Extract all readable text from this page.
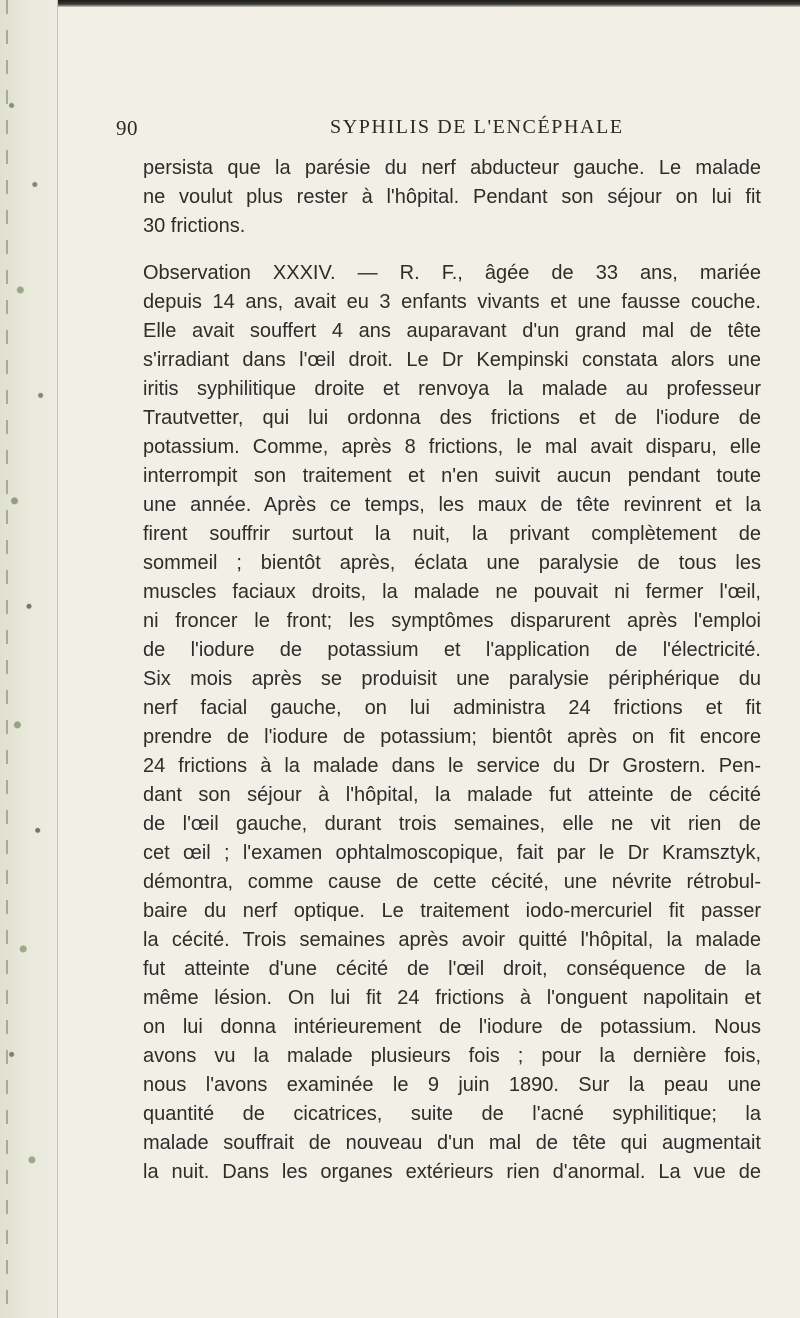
90	SYPHILIS DE L'ENCÉPHALE
persista que la parésie du nerf abducteur gauche. Le malade
ne voulut plus rester à l'hôpital. Pendant son séjour on lui fit
30 frictions.
Observation XXXIV. — R. F., âgée de 33 ans, mariée
depuis 14 ans, avait eu 3 enfants vivants et une fausse couche.
Elle avait souffert 4 ans auparavant d'un grand mal de tête
s'irradiant dans l'œil droit. Le Dr Kempinski constata alors une
iritis syphilitique droite et renvoya la malade au professeur
Trautvetter, qui lui ordonna des frictions et de l'iodure de
potassium. Comme, après 8 frictions, le mal avait disparu, elle
interrompit son traitement et n'en suivit aucun pendant toute
une année. Après ce temps, les maux de tête revinrent et la
firent souffrir surtout la nuit, la privant complètement de
sommeil ; bientôt après, éclata une paralysie de tous les
muscles faciaux droits, la malade ne pouvait ni fermer l'œil,
ni froncer le front; les symptômes disparurent après l'emploi
de l'iodure de potassium et l'application de l'électricité.
Six mois après se produisit une paralysie périphérique du
nerf facial gauche, on lui administra 24 frictions et fit
prendre de l'iodure de potassium; bientôt après on fit encore
24 frictions à la malade dans le service du Dr Grostern. Pen-
dant son séjour à l'hôpital, la malade fut atteinte de cécité
de l'œil gauche, durant trois semaines, elle ne vit rien de
cet œil ; l'examen ophtalmoscopique, fait par le Dr Kramsztyk,
démontra, comme cause de cette cécité, une névrite rétrobul-
baire du nerf optique. Le traitement iodo-mercuriel fit passer
la cécité. Trois semaines après avoir quitté l'hôpital, la malade
fut atteinte d'une cécité de l'œil droit, conséquence de la
même lésion. On lui fit 24 frictions à l'onguent napolitain et
on lui donna intérieurement de l'iodure de potassium. Nous
avons vu la malade plusieurs fois ; pour la dernière fois,
nous l'avons examinée le 9 juin 1890. Sur la peau une
quantité de cicatrices, suite de l'acné syphilitique; la
malade souffrait de nouveau d'un mal de tête qui augmentait
la nuit. Dans les organes extérieurs rien d'anormal. La vue de
